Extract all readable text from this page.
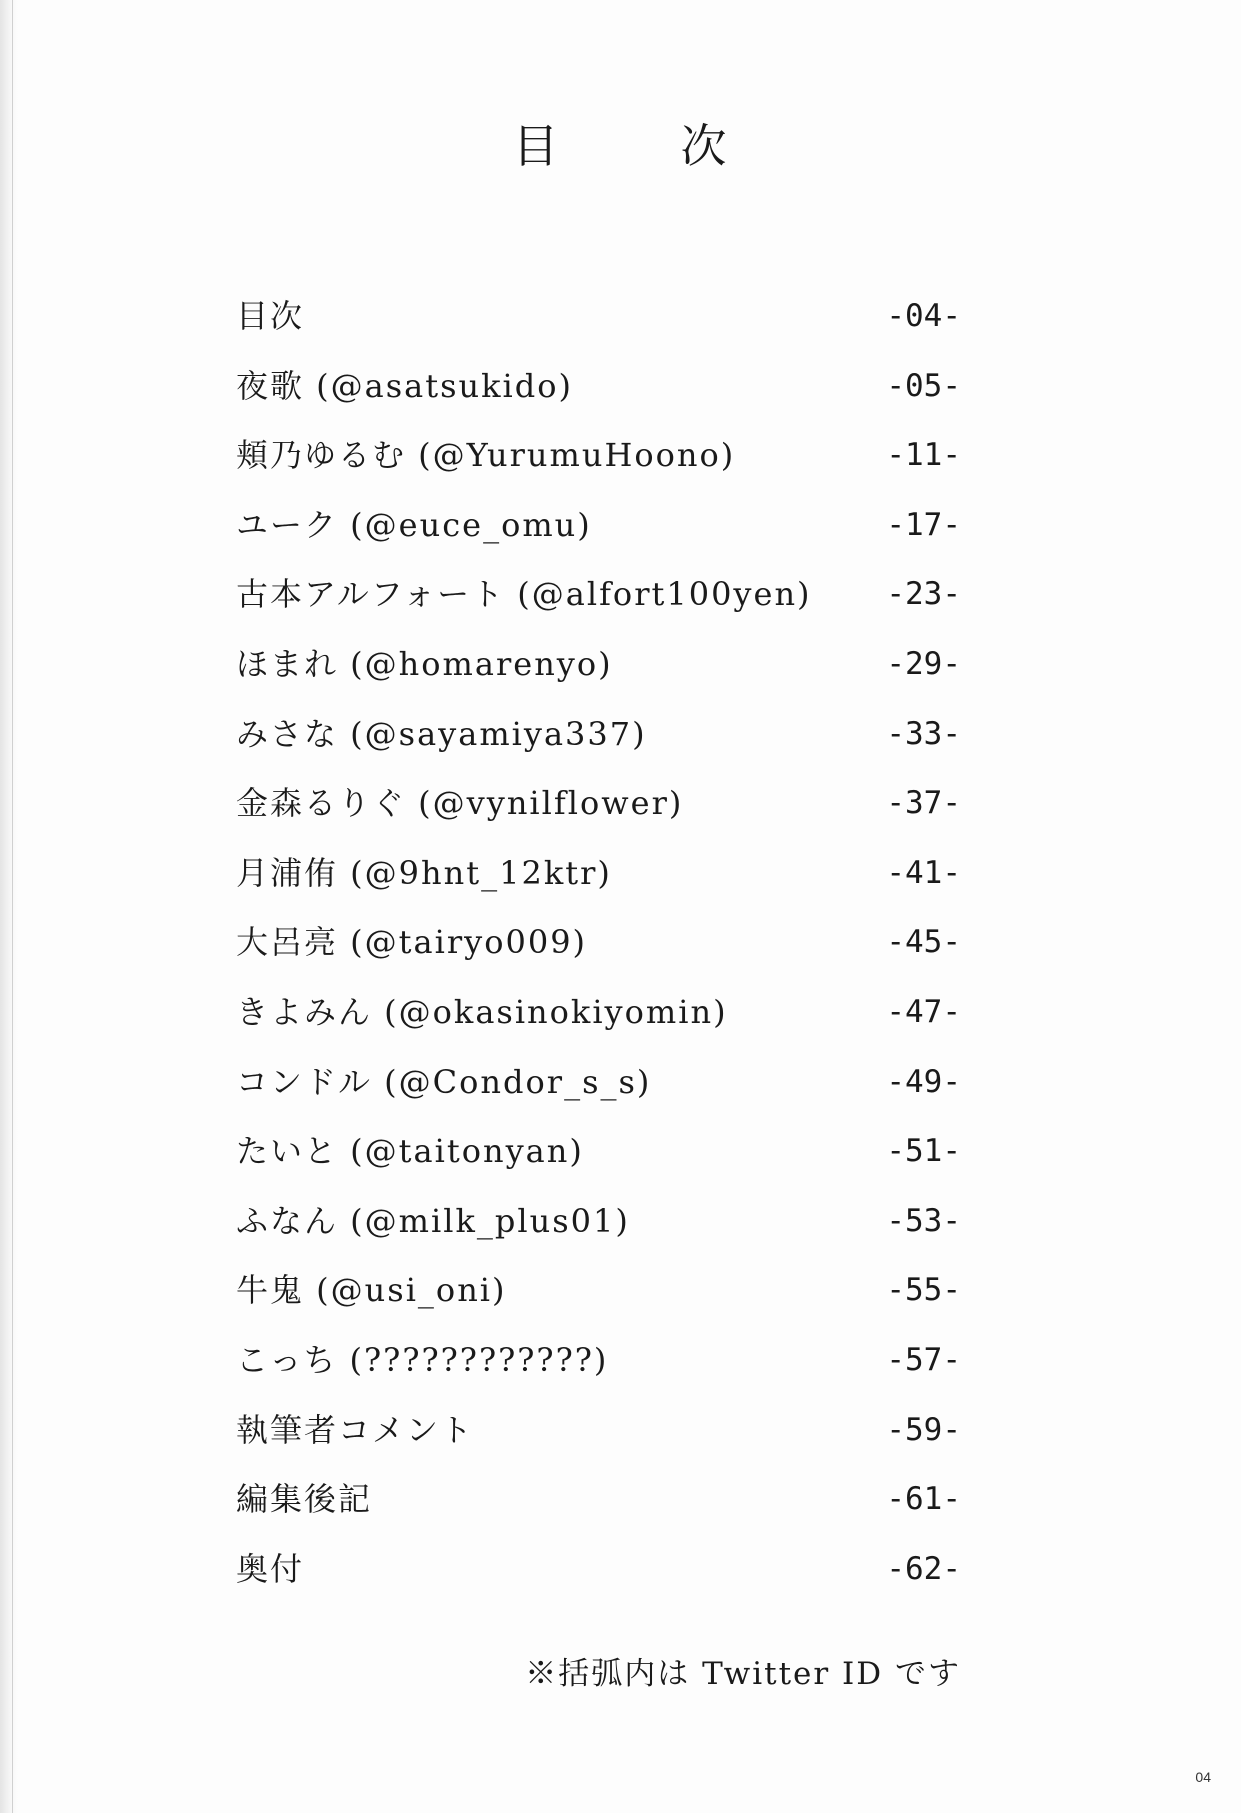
目	次
目次	-04-
夜歌 (@asatsukido)	-05-
頬乃ゆるむ (@YurumuHoono)	-11-
ユーク (@euce_omu)	-17-
古本アルフォート (@alfort100yen) -23-
ほまれ (@homarenyo)	-29-
みさな (@sayamiya337)	-33-
金森るりぐ (@vynilflower)	-37-
月浦侑 (@9hnt_12ktr)	-41-
大呂亮 (@tairyo009)	-45-
きよみん (@okasinokiyomin)	-47-
コンドル (@Condor_s_s)	-49-
たいと (@taitonyan)	-51-
ふなん (@milk_plus01)	-53-
牛鬼 (@usi_oni)	-55-
こっち (????????????)	-57-
執筆者コメント	-59-
編集後記	-61-
奥付	-62-
※括弧内は Twitter ID です
04
